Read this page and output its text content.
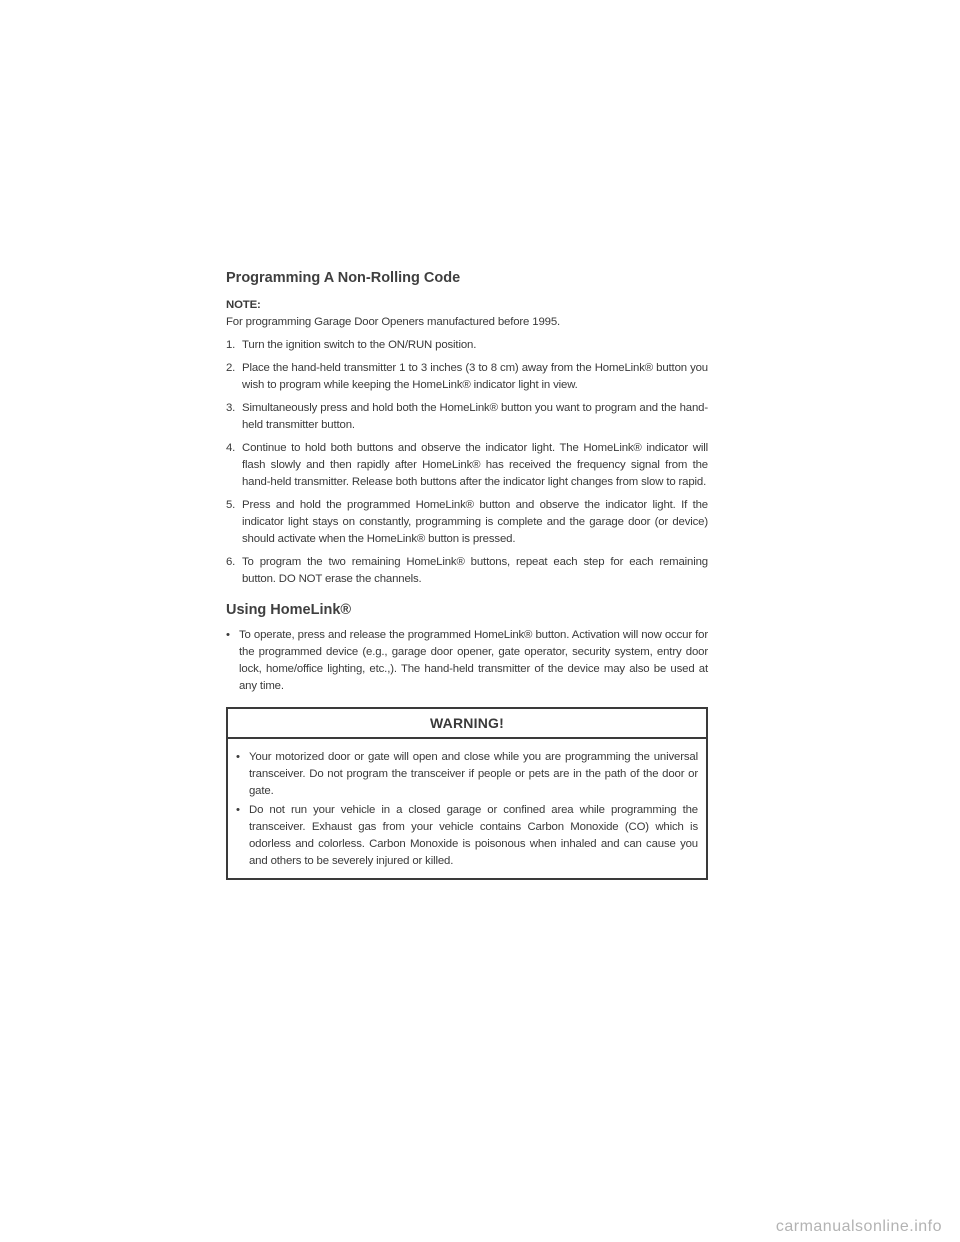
Programming A Non-Rolling Code
NOTE:
For programming Garage Door Openers manufactured before 1995.
1. Turn the ignition switch to the ON/RUN position.
2. Place the hand-held transmitter 1 to 3 inches (3 to 8 cm) away from the HomeLink® button you wish to program while keeping the HomeLink® indicator light in view.
3. Simultaneously press and hold both the HomeLink® button you want to program and the hand-held transmitter button.
4. Continue to hold both buttons and observe the indicator light. The HomeLink® indicator will flash slowly and then rapidly after HomeLink® has received the frequency signal from the hand-held transmitter. Release both buttons after the indicator light changes from slow to rapid.
5. Press and hold the programmed HomeLink® button and observe the indicator light. If the indicator light stays on constantly, programming is complete and the garage door (or device) should activate when the HomeLink® button is pressed.
6. To program the two remaining HomeLink® buttons, repeat each step for each remaining button. DO NOT erase the channels.
Using HomeLink®
• To operate, press and release the programmed HomeLink® button. Activation will now occur for the programmed device (e.g., garage door opener, gate operator, security system, entry door lock, home/office lighting, etc.,). The hand-held transmitter of the device may also be used at any time.
WARNING!
• Your motorized door or gate will open and close while you are programming the universal transceiver. Do not program the transceiver if people or pets are in the path of the door or gate.
• Do not run your vehicle in a closed garage or confined area while programming the transceiver. Exhaust gas from your vehicle contains Carbon Monoxide (CO) which is odorless and colorless. Carbon Monoxide is poisonous when inhaled and can cause you and others to be severely injured or killed.
carmanualsonline.info
